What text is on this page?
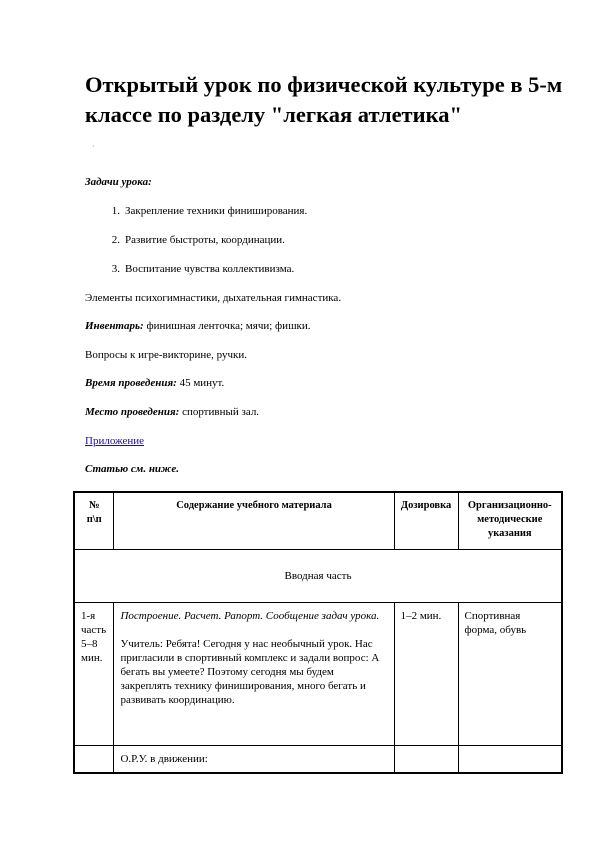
Открытый урок по физической культуре в 5-м классе по разделу "легкая атлетика"
·
Задачи урока:
1. Закрепление техники финиширования.
2. Развитие быстроты, координации.
3. Воспитание чувства коллективизма.
Элементы психогимнастики, дыхательная гимнастика.
Инвентарь: финишная ленточка; мячи; фишки.
Вопросы к игре-викторине, ручки.
Время проведения: 45 минут.
Место проведения: спортивный зал.
Приложение
Статью см. ниже.
№ п\п	Содержание учебного материала	Дозировка	Организационно-методические указания
Вводная часть			
1-я часть 5–8 мин.	Построение. Расчет. Рапорт. Сообщение задач урока.
Учитель: Ребята! Сегодня у нас необычный урок. Нас пригласили в спортивный комплекс и задали вопрос: А бегать вы умеете? Поэтому сегодня мы будем закреплять технику финиширования, много бегать и развивать координацию.	1–2 мин.	Спортивная форма, обувь
	О.Р.У. в движении:		
